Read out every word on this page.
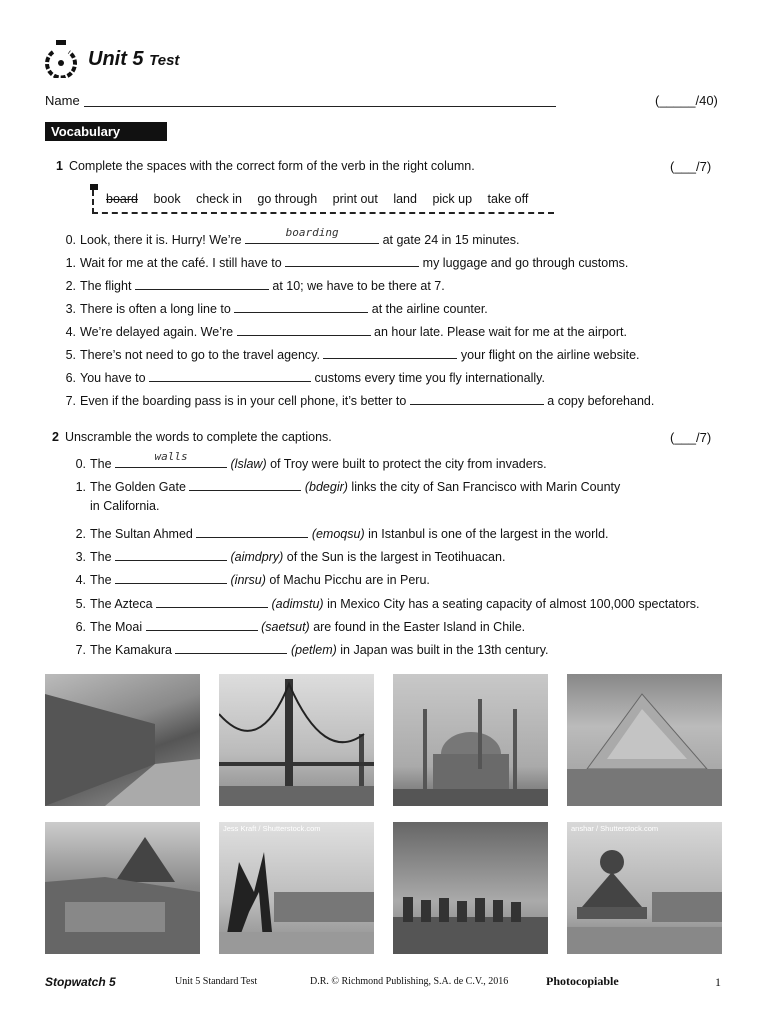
Unit 5 Test
Name	(_____/40)
Vocabulary
1 Complete the spaces with the correct form of the verb in the right column.	(___/7)
board book check in go through print out land pick up take off
0. Look, there it is. Hurry! We’re
boarding
at gate 24 in 15 minutes.
1. Wait for me at the café. I still have to	my luggage and go through customs.
2. The flight	at 10; we have to be there at 7.
3. There is often a long line to	at the airline counter.
4. We’re delayed again. We’re	an hour late. Please wait for me at the airport.
5. There’s not need to go to the travel agency.	your flight on the airline website.
6. You have to	customs every time you fly internationally.
7. Even if the boarding pass is in your cell phone, it’s better to	a copy beforehand.
2 Unscramble the words to complete the captions.	(___/7)
0. The
walls
(lslaw) of Troy were built to protect the city from invaders.
1. The Golden Gate	(bdegir) links the city of San Francisco with Marin County
in California.
2. The Sultan Ahmed	(emoqsu) in Istanbul is one of the largest in the world.
3. The	(aimdpry) of the Sun is the largest in Teotihuacan.
4. The	(inrsu) of Machu Picchu are in Peru.
5. The Azteca	(adimstu) in Mexico City has a seating capacity of almost 100,000 spectators.
6. The Moai	(saetsut) are found in the Easter Island in Chile.
7. The Kamakura	(petlem) in Japan was built in the 13th century.
Jess Kraft / Shutterstock.com	anshar / Shutterstock.com
Stopwatch 5	Unit 5 Standard Test	D.R. © Richmond Publishing, S.A. de C.V., 2016	Photocopiable	1
